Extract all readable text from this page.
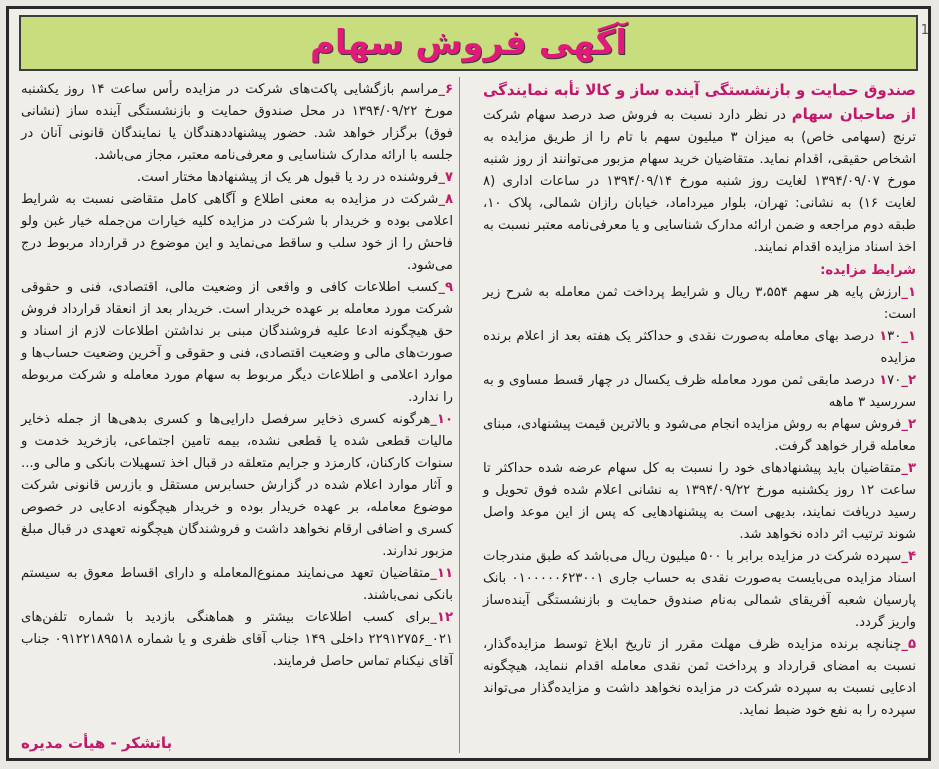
1
آگهی فروش سهام

صندوق حمایت و بازنشستگی آینده ساز و کالا تأبه نمایندگی از صاحبان سهام در نظر دارد نسبت به فروش صد درصد سهام شرکت ترنج (سهامی خاص) به میزان ۳ میلیون سهم با تام را از طریق مزایده به اشخاص حقیقی، اقدام نماید. متقاضیان خرید سهام مزبور می‌توانند از روز شنبه مورخ ۱۳۹۴/۰۹/۰۷ لغایت روز شنبه مورخ ۱۳۹۴/۰۹/۱۴ در ساعات اداری (۸ لغایت ۱۶) به نشانی: تهران، بلوار میرداماد، خیابان رازان شمالی، پلاک ۱۰، طبقه دوم مراجعه و ضمن ارائه مدارک شناسایی و یا معرفی‌نامه معتبر نسبت به اخذ اسناد مزایده اقدام نمایند.

شرایط مزایده:

۱_ارزش پایه هر سهم ۳،۵۵۴ ریال و شرایط پرداخت ثمن معامله به شرح زیر است:

۱_۱۳۰ درصد بهای معامله به‌صورت نقدی و حداکثر یک هفته بعد از اعلام برنده مزایده

۲_۱۷۰ درصد مابقی ثمن مورد معامله ظرف یکسال در چهار قسط مساوی و به سررسید ۳ ماهه

۲_فروش سهام به روش مزایده انجام می‌شود و بالاترین قیمت پیشنهادی، مبنای معامله قرار خواهد گرفت.

۳_متقاضیان باید پیشنهادهای خود را نسبت به کل سهام عرضه شده حداکثر تا ساعت ۱۲ روز یکشنبه مورخ ۱۳۹۴/۰۹/۲۲ به نشانی اعلام شده فوق تحویل و رسید دریافت نمایند، بدیهی است به پیشنهادهایی که پس از این موعد واصل شوند ترتیب اثر داده نخواهد شد.

۴_سپرده شرکت در مزایده برابر با ۵۰۰ میلیون ریال می‌باشد که طبق مندرجات اسناد مزایده می‌بایست به‌صورت نقدی به حساب جاری ۰۱۰۰۰۰۰۶۲۳۰۰۱ بانک پارسیان شعبه آفریقای شمالی به‌نام صندوق حمایت و بازنشستگی آینده‌ساز واریز گردد.

۵_چنانچه برنده مزایده ظرف مهلت مقرر از تاریخ ابلاغ توسط مزایده‌گذار، نسبت به امضای قرارداد و پرداخت ثمن نقدی معامله اقدام ننماید، هیچگونه ادعایی نسبت به سپرده شرکت در مزایده نخواهد داشت و مزایده‌گذار می‌تواند سپرده را به نفع خود ضبط نماید.

۶_مراسم بازگشایی پاکت‌های شرکت در مزایده رأس ساعت ۱۴ روز یکشنبه مورخ ۱۳۹۴/۰۹/۲۲ در محل صندوق حمایت و بازنشستگی آینده ساز (نشانی فوق) برگزار خواهد شد. حضور پیشنهاددهندگان یا نمایندگان قانونی آنان در جلسه با ارائه مدارک شناسایی و معرفی‌نامه معتبر، مجاز می‌باشد.

۷_فروشنده در رد یا قبول هر یک از پیشنهادها مختار است.

۸_شرکت در مزایده به معنی اطلاع و آگاهی کامل متقاضی نسبت به شرایط اعلامی بوده و خریدار با شرکت در مزایده کلیه خیارات من‌جمله خیار غبن ولو فاحش را از خود سلب و ساقط می‌نماید و این موضوع در قرارداد مربوط درج می‌شود.

۹_کسب اطلاعات کافی و واقعی از وضعیت مالی، اقتصادی، فنی و حقوقی شرکت مورد معامله بر عهده خریدار است. خریدار بعد از انعقاد قرارداد فروش حق هیچگونه ادعا علیه فروشندگان مبنی بر نداشتن اطلاعات لازم از اسناد و صورت‌های مالی و وضعیت اقتصادی، فنی و حقوقی و آخرین وضعیت حساب‌ها و موارد اعلامی و اطلاعات دیگر مربوط به سهام مورد معامله و شرکت مربوطه را ندارد.

۱۰_هرگونه کسری ذخایر سرفصل دارایی‌ها و کسری بدهی‌ها از جمله ذخایر مالیات قطعی شده یا قطعی نشده، بیمه تامین اجتماعی، بازخرید خدمت و سنوات کارکنان، کارمزد و جرایم متعلقه در قبال اخذ تسهیلات بانکی و مالی و... و آثار موارد اعلام شده در گزارش حسابرس مستقل و بازرس قانونی شرکت موضوع معامله، بر عهده خریدار بوده و خریدار هیچگونه ادعایی در خصوص کسری و اضافی ارقام نخواهد داشت و فروشندگان هیچگونه تعهدی در قبال مبلغ مزبور ندارند.

۱۱_متقاضیان تعهد می‌نمایند ممنوع‌المعامله و دارای اقساط معوق به سیستم بانکی نمی‌باشند.

۱۲_برای کسب اطلاعات بیشتر و هماهنگی بازدید با شماره تلفن‌های ۰۲۱_۲۲۹۱۲۷۵۶ داخلی ۱۴۹ جناب آقای ظفری و یا شماره ۰۹۱۲۲۱۸۹۵۱۸ جناب آقای نیکنام تماس حاصل فرمایند.

باتشکر - هیأت مدیره
